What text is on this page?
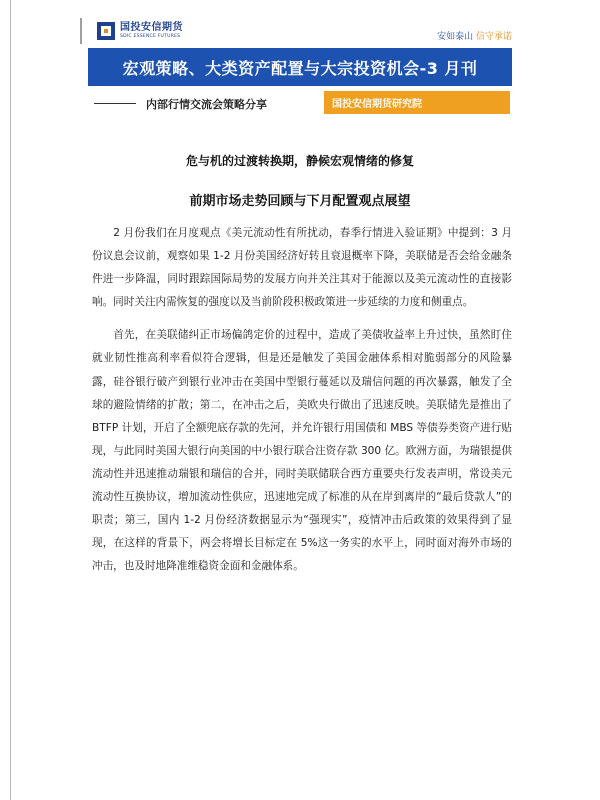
国投安信期货
SDIC ESSENCE FUTURES	安如泰山 信守承诺
宏观策略、大类资产配置与大宗投资机会-3 月刊
内部行情交流会策略分享	国投安信期货研究院
危与机的过渡转换期，静候宏观情绪的修复
前期市场走势回顾与下月配置观点展望

2 月份我们在月度观点《美元流动性有所扰动，春季行情进入验证期》中提到：3 月份议息会议前，观察如果 1-2 月份美国经济好转且衰退概率下降，美联储是否会给金融条件进一步降温，同时跟踪国际局势的发展方向并关注其对于能源以及美元流动性的直接影响。同时关注内需恢复的强度以及当前阶段积极政策进一步延续的力度和侧重点。

首先，在美联储纠正市场偏鸽定价的过程中，造成了美债收益率上升过快，虽然盯住就业韧性推高利率看似符合逻辑，但是还是触发了美国金融体系相对脆弱部分的风险暴露，硅谷银行破产到银行业冲击在美国中型银行蔓延以及瑞信问题的再次暴露，触发了全球的避险情绪的扩散；第二，在冲击之后，美欧央行做出了迅速反映。美联储先是推出了 BTFP 计划，开启了全额兜底存款的先河，并允许银行用国债和 MBS 等债券类资产进行贴现，与此同时美国大银行向美国的中小银行联合注资存款 300 亿。欧洲方面，为瑞银提供流动性并迅速推动瑞银和瑞信的合并，同时美联储联合西方重要央行发表声明，常设美元流动性互换协议，增加流动性供应，迅速地完成了标准的从在岸到离岸的“最后贷款人”的职责；第三，国内 1-2 月份经济数据显示为“强现实”，疫情冲击后政策的效果得到了显现，在这样的背景下，两会将增长目标定在 5%这一务实的水平上，同时面对海外市场的冲击，也及时地降准维稳资金面和金融体系。
